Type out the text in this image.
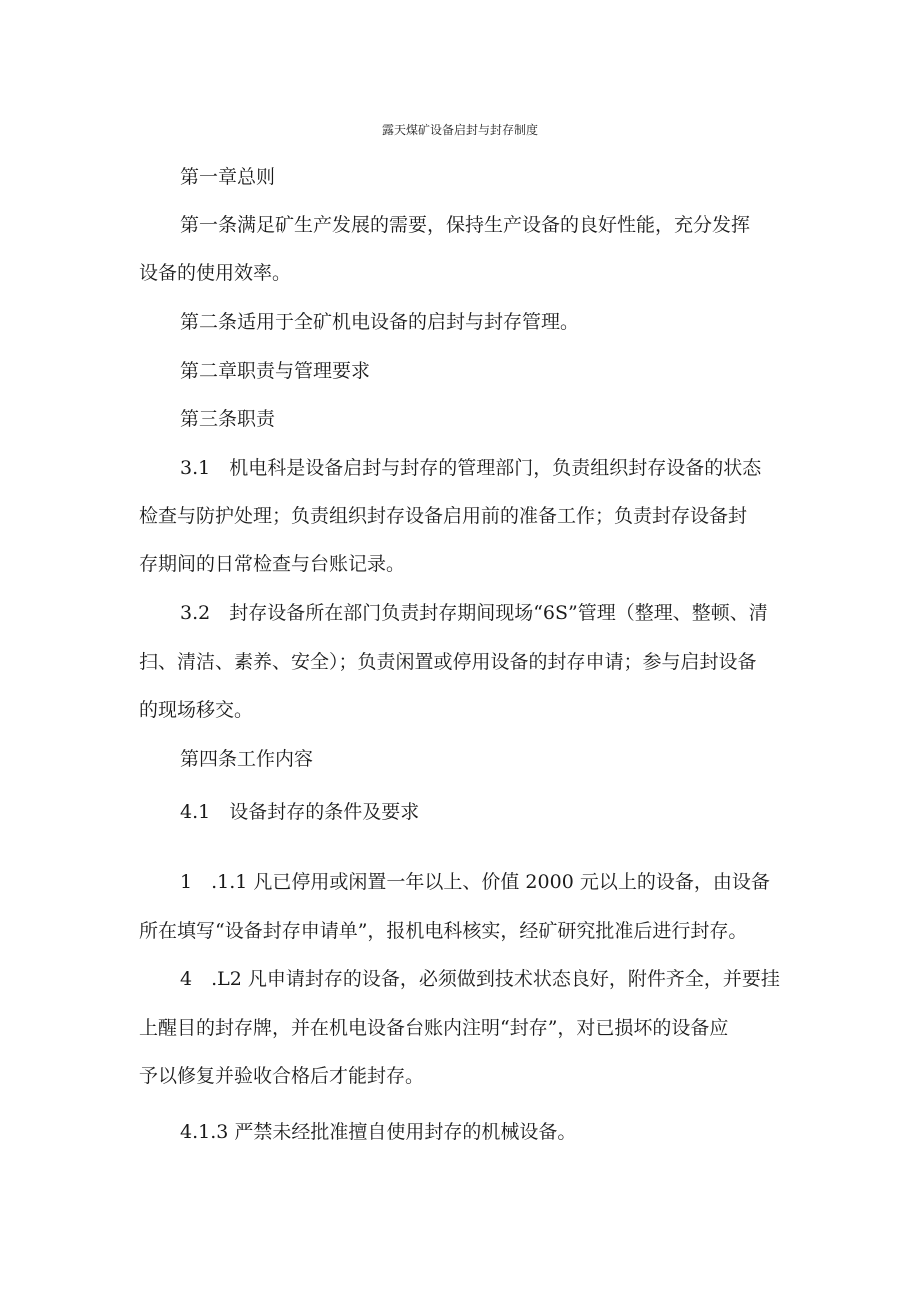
露天煤矿设备启封与封存制度
第一章总则
第一条满足矿生产发展的需要，保持生产设备的良好性能，充分发挥
设备的使用效率。
第二条适用于全矿机电设备的启封与封存管理。
第二章职责与管理要求
第三条职责
3.1　机电科是设备启封与封存的管理部门，负责组织封存设备的状态
检查与防护处理；负责组织封存设备启用前的准备工作；负责封存设备封
存期间的日常检查与台账记录。
3.2　封存设备所在部门负责封存期间现场“6S”管理（整理、整顿、清
扫、清洁、素养、安全）；负责闲置或停用设备的封存申请；参与启封设备
的现场移交。
第四条工作内容
4.1　设备封存的条件及要求
1　.1.1 凡已停用或闲置一年以上、价值 2000 元以上的设备，由设备
所在填写“设备封存申请单”，报机电科核实，经矿研究批准后进行封存。
4　.L2 凡申请封存的设备，必须做到技术状态良好，附件齐全，并要挂
上醒目的封存牌，并在机电设备台账内注明“封存”，对已损坏的设备应
予以修复并验收合格后才能封存。
4.1.3 严禁未经批准擅自使用封存的机械设备。
